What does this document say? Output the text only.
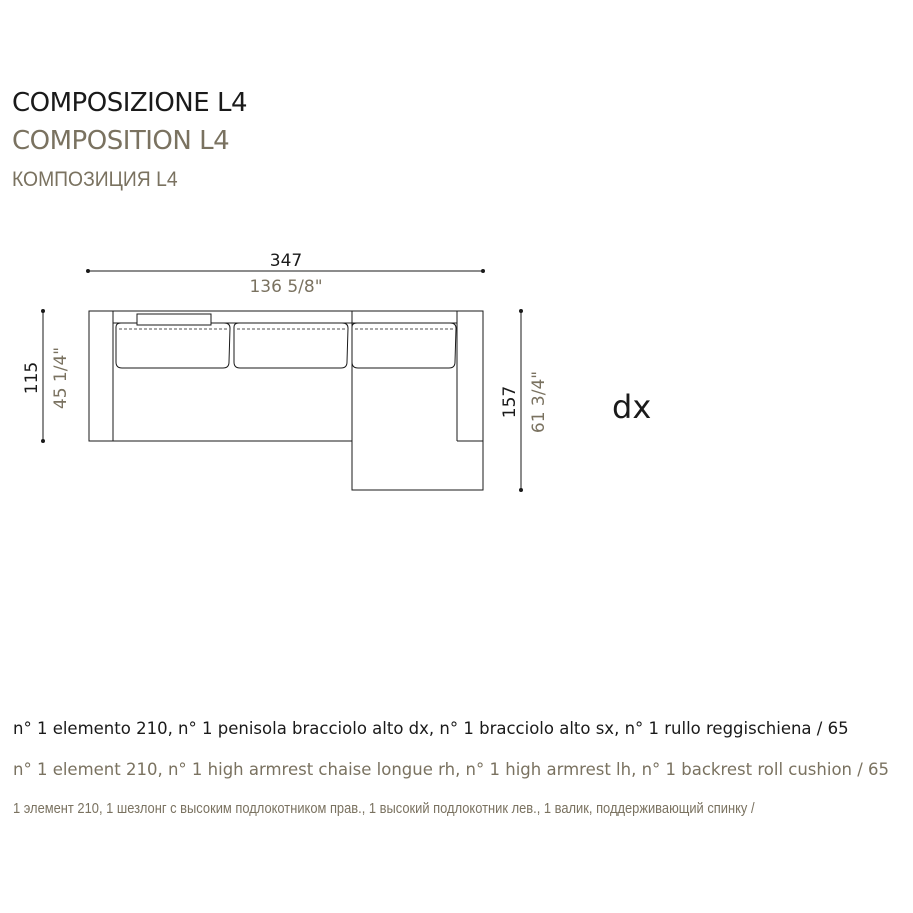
COMPOSIZIONE L4
COMPOSITION L4
КОМПОЗИЦИЯ L4
347
136 5/8"
115 45 1/4"	157 61 3/4" dx
n° 1 elemento 210, n° 1 penisola bracciolo alto dx, n° 1 bracciolo alto sx, n° 1 rullo reggischiena / 65
n° 1 element 210, n° 1 high armrest chaise longue rh, n° 1 high armrest lh, n° 1 backrest roll cushion / 65
1 элемент 210, 1 шезлонг с высоким подлокотником прав., 1 высокий подлокотник лев., 1 валик, поддерживающий спинку /
